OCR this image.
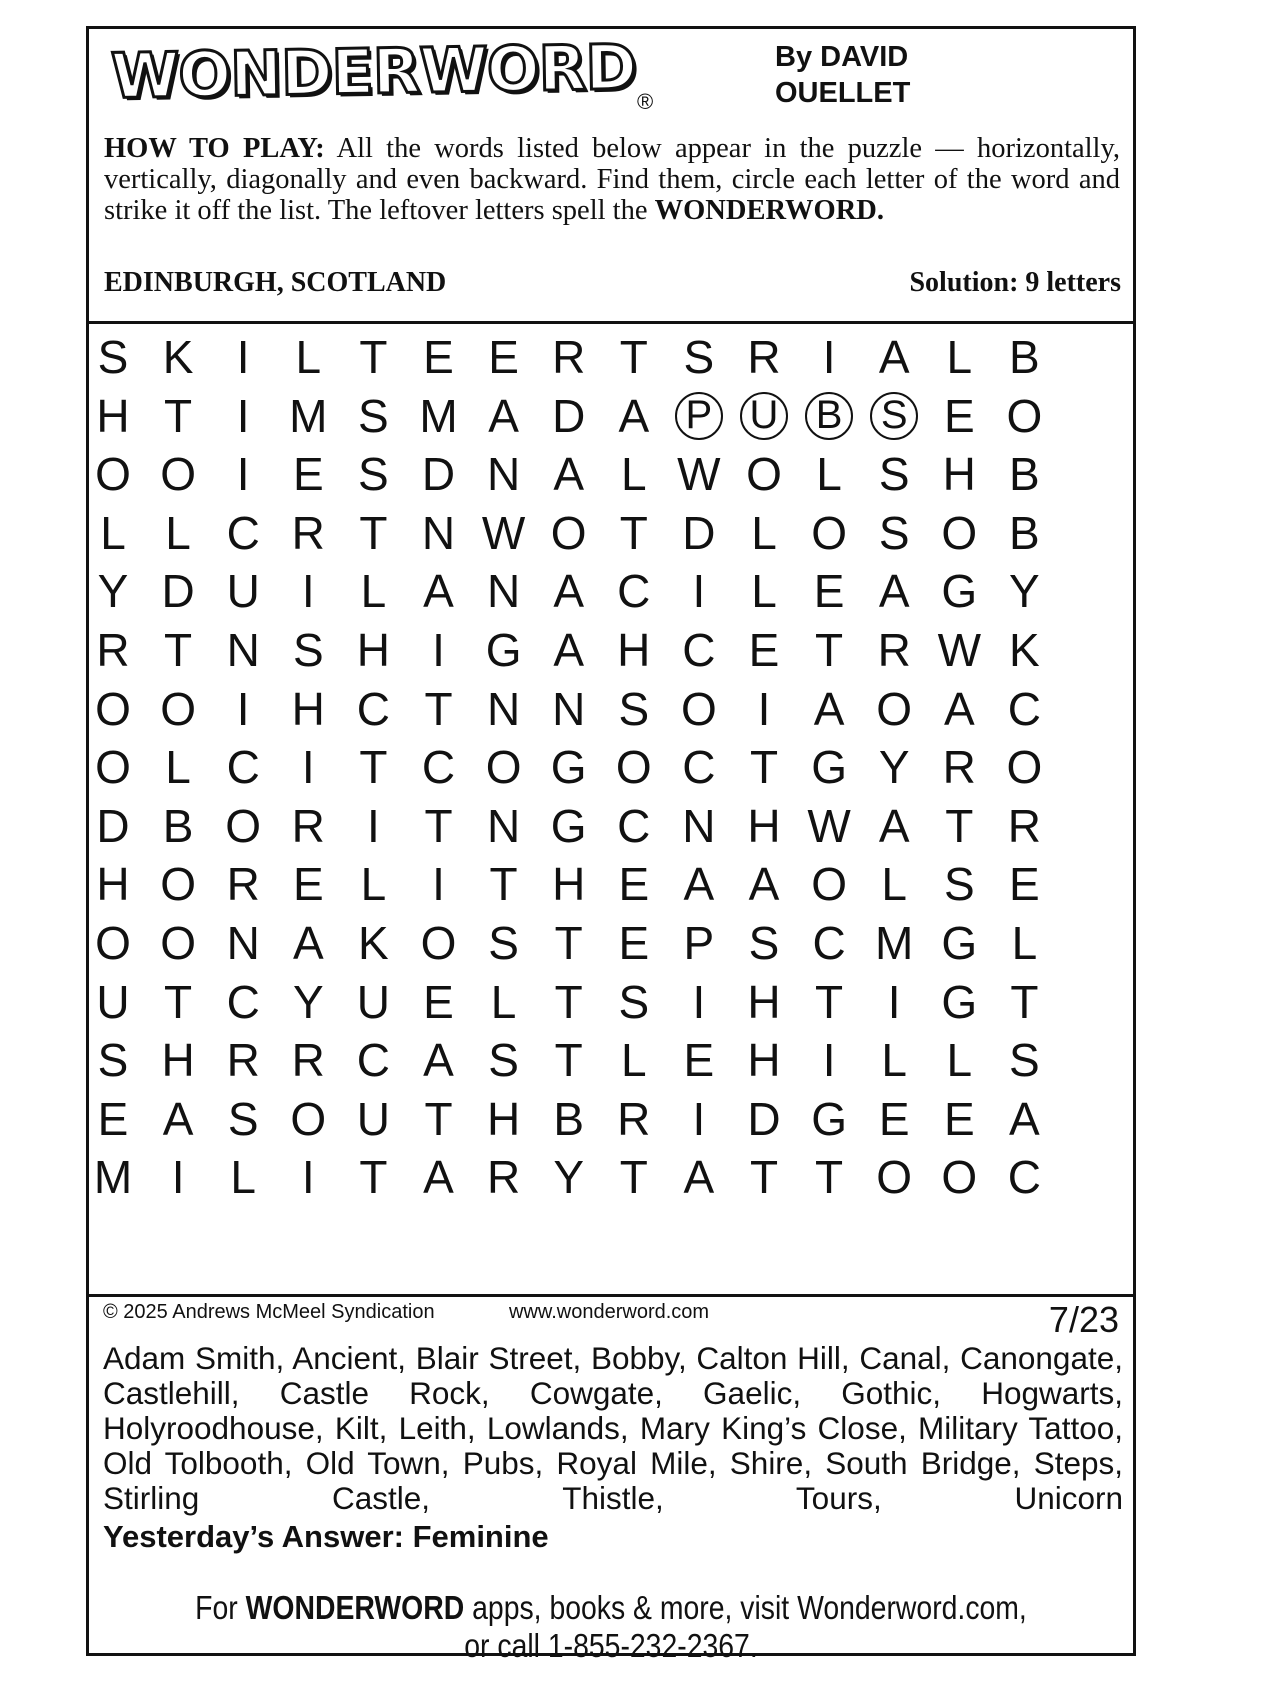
WONDERWORD ®
By DAVID
OUELLET
HOW TO PLAY: All the words listed below appear in the puzzle — horizontally, vertically, diagonally and even backward. Find them, circle each letter of the word and strike it off the list. The leftover letters spell the WONDERWORD.
EDINBURGH, SCOTLAND	Solution: 9 letters
S K I L T E E R T S R I A L B
H T I M S M A D A P U B S E O
O O I E S D N A L W O L S H B
L L C R T N W O T D L O S O B
Y D U I L A N A C I L E A G Y
R T N S H I G A H C E T R W K
O O I H C T N N S O I A O A C
O L C I T C O G O C T G Y R O
D B O R I T N G C N H W A T R
H O R E L I T H E A A O L S E
O O N A K O S T E P S C M G L
U T C Y U E L T S I H T I G T
S H R R C A S T L E H I L L S
E A S O U T H B R I D G E E A
M I L I T A R Y T A T T O O C
© 2025 Andrews McMeel Syndication	www.wonderword.com	7/23
Adam Smith, Ancient, Blair Street, Bobby, Calton Hill, Canal, Canongate, Castlehill, Castle Rock, Cowgate, Gaelic, Gothic, Hogwarts, Holyroodhouse, Kilt, Leith, Lowlands, Mary King’s Close, Military Tattoo, Old Tolbooth, Old Town, Pubs, Royal Mile, Shire, South Bridge, Steps, Stirling Castle, Thistle, Tours, Unicorn
Yesterday’s Answer: Feminine
For WONDERWORD apps, books & more, visit Wonderword.com,
or call 1-855-232-2367.
